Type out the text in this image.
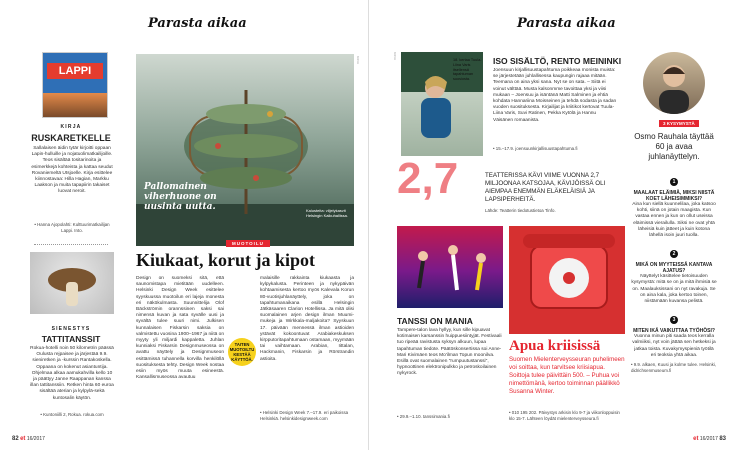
Parasta aikaa
LAPPI
KIRJA
RUSKARETKELLE
Sallalaisen äidin tytär kirjoitti oppaan Lapin-hulluille ja nojatuolimatkailijoille. Teos sisältää tositarinoita ja esimerkkejä kohteista ja kattaa seudut Rovaniemeltä Utsjoelle. Kirja esittelee kiinnostavaa: Hilla Hagian, Markku Laakson ja muita tapapiirin takaiset luovat neroit.
• Hanna Ajopolahti: Kulttuurimatkailijan Lappi. Into.
SIENESTYS
TATTITANSSIT
Rokua-hotelli noin 50 kilometrin päässä Oulusta rejpaisee ja järjestää 9.9. sieniretken ja -kurssin Rantakoskella. Oppaana on kokenut asiantuntija. Ohjelmaa alkaa aamukahvilla kello 10 ja päättyy Janne Raappanan kanssa illan tattitanssiin. Retken hinta 60 euroa sisältää aterian ja kylpylä-sekä kuntosalin käytön.
• Kuntoniilli 2, Rokua. rokua.com
Pallomainen viherhuone on uusinta uutta.	Kalusteita: viljelykasvit Helsingin Kaikuhallissa.
KUVA
MUOTOILU
Kiukaat, korut ja kipot
Design on suomeksi sitä, että saunomistapa mietitään uudelleen. Helsinki Design Week esittelee syyskuussa muotoilun eri lajeja monesta eri näkökulmasta. Suunnittelija Olof Bäckströmin orannssinen saksi sai nimensä kuvan ja sata syvälle uusi ja syvältä tulee suuri nimi. Julkisen kunnalaisen Fiskarsin saksia on valmistettu vuosina 1900–1967 ja niitä on myyty yli miljardi kappaletta. Juhlan kunniaksi Fiskarsin Designmuseossa on avattu näyttely ja Designmuseon esittämissä tuhannella korvilla henkilöllä suosituksesta tehty. Design Week nostaa esiin myös muuta esineestä. Kansallismuseossa avautuu
TAITEN MUOTOILTU KESTÄÄ KÄYTTÖÄ.
malaisille rakkainta kiukaasta ja kylpykalusta. Perinteen ja nykypäivän kohtaamisesta kertoo myös Kalevala Korun 80-vuotisjuhlanäyttely, joka on tapahtumanaikana esillä Helsingin Jätkäsaaren Clarion Hotellissa. Ja mitä olisi suomalainen arjen design ilman Muumi-mukeja ja Wirkkala-maljakoita? Syyskuun 17. päivään mennessä ilman astioiden ystävät kokoontuvat Arabiakeskuksen kirpputoritapahtumaan ostamaan, myymään tai vaihtamaan. Arabian, Iittalan, Hackmanin, Fiskarsin ja Rörstrandin astioita.
• Helsinki Design Week 7.–17.9. eri paikoissa Helsinkiä. helsinkidesignweek.com
82 et 16/2017
Parasta aikaa
18. kertaa Tuula-Liina Varis itsellensä tapahtuman suosiosta.
KUVA
ISO SISÄLTÖ, RENTO MEININKI
Joensuun kirjallisuustapahtuma poikkeaa monista muista: se järjestetään juhlallisessa kaupungin rajaaa mitään. Teemana on aina yksi sana. Nyt se on sata. – Siitä ei voinut välttää. Musta kalsonmme tavoittaa yksi ja viisi mukaan – Joensuu ja isäntänä Matti Salminen ja ehtiä kohdata Hannariina Moisseinen ja tehdä sodasta ja sadan vuoden suosituksesta. Kirjailijat ja kriitikot kertovat Tuula-Liina Varis, Suvi Ratinen, Pekka Kytölä ja Hannu Väisänen romaanista.
• 15.–17.9. joensuunkirjallisuustapahtuma.fi
2,7	TEATTERISSA KÄVI VIIME VUONNA 2,7 MILJOONAA KATSOJAA, KÄVIJÖISSÄ OLI AIEMPAA ENEMMÄN ELÄKELÄISIÄ JA LAPSIPERHEITÄ.
Lähde: Teatterin tiedotustietoa Tinfo.
TANSSI ON MANIA
Tampere-talon lava hyllyy, kun sille kipuavat kotimaisen karsanssin huippuesiintyjät. Festivaali tuo ripeää ravistusta syksyn alkuun, lupaa tapahtuman tiedote. Päätöskonsertissa soi Anne-Mari Kivimäen teos Mo'ilman Topun moonilva. Esillä ovat suomalainen "rumpuutustanssi", hypnoottinen elektronipulkko ja petroskoilainen nykyrock.
• 29.9.–1.10. tanssimania.fi
Apua kriisissä
Suomen Mielenterveysseuran puhelimeen voi soittaa, kun tarvitsee kriisiapua. Soittoja tulee päivittäin 500. – Puhua voi nimettömänä, kertoo toiminnan päällikkö Susanna Winter.
• 010 195 202. Päivystys arkisin klo 9-7 ja viikonloppuisin klo 15-7. Lähteen löydät mielenterveysseura.fi
3 KYSYMYSTÄ
Osmo Rauhala täyttää 60 ja avaa juhlanäyttelyn.
1
MAALAAT ELÄIMIÄ, MIKSI NIISTÄ KOET LÄHEISIMMIKSI?
Aina kun siellä kuunnelilaa, joka katsoo kohti, siinä on jotain maagista. Kun vastaa ennen ja kun on ollut useissa eläimissä vierailulla. Siksi ne ovat yhtä läheisiä kuin jätteet ja kuin kotona lähellä isoin juuri tuolla.
2
MIKÄ ON MYYTEISSÄ KANTAVA AJATUS?
Näyttelyt käsittelee tietoisuuden kysymystä: mitä se on ja mitä ihmisiä se on. Maalauksissani on nyt ravakuja. Se on aina kala, joka kertoo toinen, niistämään kuvansa pelistä.
3
MITEN IKÄ VAIKUTTAA TYÖHÖSI?
Vuonna minun piti saada teos kerralla valmiiksi, nyt voin jättää sen hetkeksi ja jatkaa toista. Kuvakymyspieniä työtilä eri teoksia yhtä aikaa.
• 9.9. alkaen, Kuusi ja kolme tulee. Helsinki, didrichsenmuseum.fi
et 16/2017 83
